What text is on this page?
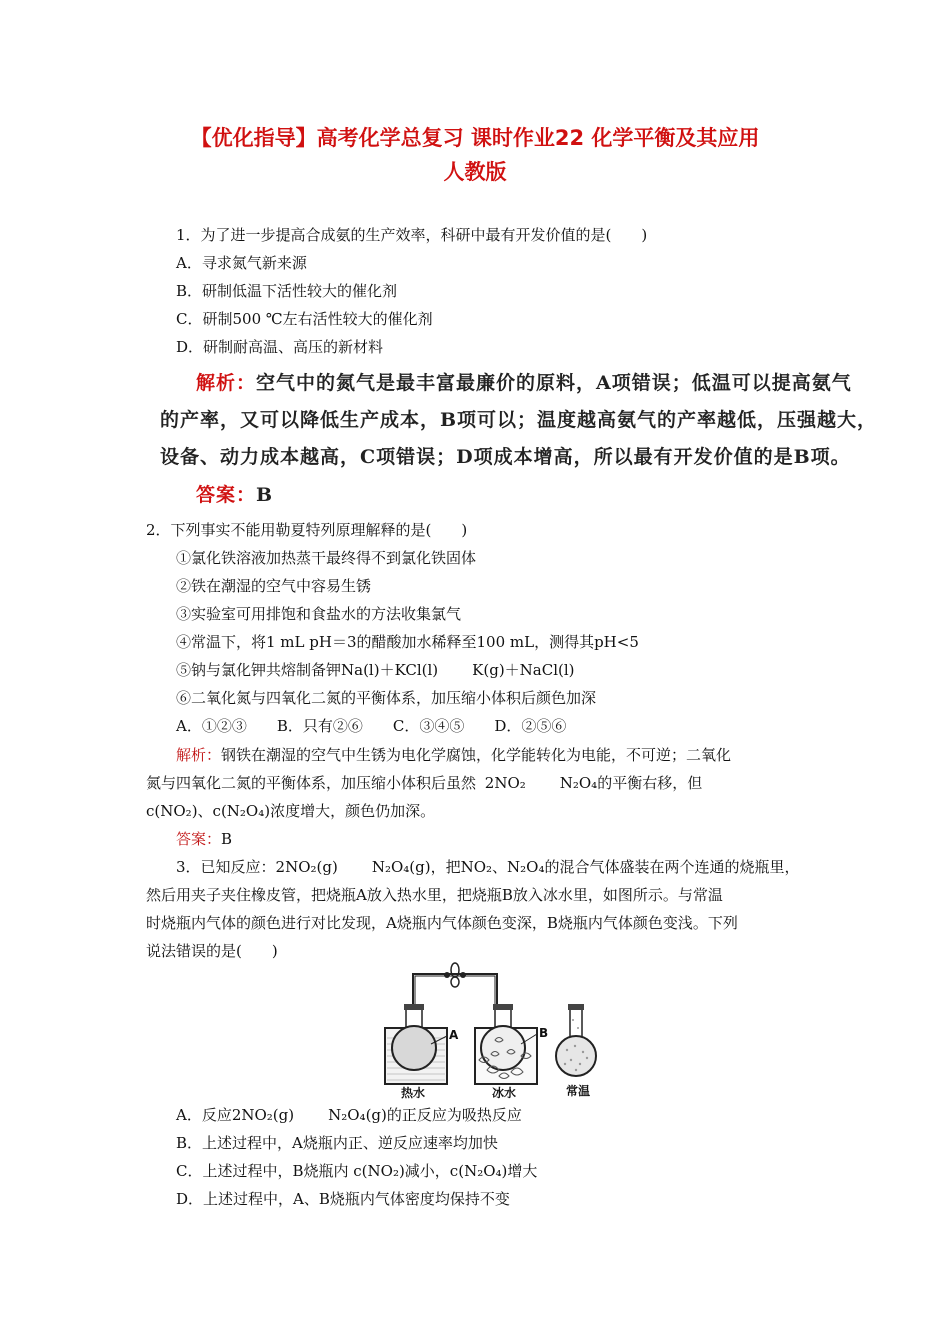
【优化指导】高考化学总复习 课时作业22 化学平衡及其应用
人教版
1．为了进一步提高合成氨的生产效率，科研中最有开发价值的是(　　)
A．寻求氮气新来源
B．研制低温下活性较大的催化剂
C．研制500 ℃左右活性较大的催化剂
D．研制耐高温、高压的新材料
解析：空气中的氮气是最丰富最廉价的原料，A项错误；低温可以提高氨气
的产率，又可以降低生产成本，B项可以；温度越高氨气的产率越低，压强越大，
设备、动力成本越高，C项错误；D项成本增高，所以最有开发价值的是B项。
答案：B
2．下列事实不能用勒夏特列原理解释的是(　　)
①氯化铁溶液加热蒸干最终得不到氯化铁固体
②铁在潮湿的空气中容易生锈
③实验室可用排饱和食盐水的方法收集氯气
④常温下，将1 mL pH＝3的醋酸加水稀释至100 mL，测得其pH<5
⑤钠与氯化钾共熔制备钾Na(l)＋KCl(l) K(g)＋NaCl(l)
⑥二氧化氮与四氧化二氮的平衡体系，加压缩小体积后颜色加深
A．①②③　　B．只有②⑥　　C．③④⑤　　D．②⑤⑥
解析：钢铁在潮湿的空气中生锈为电化学腐蚀，化学能转化为电能，不可逆；二氧化
氮与四氧化二氮的平衡体系，加压缩小体积后虽然 2NO₂ N₂O₄的平衡右移，但
c(NO₂)、c(N₂O₄)浓度增大，颜色仍加深。
答案：B
3．已知反应：2NO₂(g) N₂O₄(g)，把NO₂、N₂O₄的混合气体盛装在两个连通的烧瓶里，
然后用夹子夹住橡皮管，把烧瓶A放入热水里，把烧瓶B放入冰水里，如图所示。与常温
时烧瓶内气体的颜色进行对比发现，A烧瓶内气体颜色变深，B烧瓶内气体颜色变浅。下列
说法错误的是(　　)
A	B
热水	冰水	常温
A．反应2NO₂(g) N₂O₄(g)的正反应为吸热反应
B．上述过程中，A烧瓶内正、逆反应速率均加快
C．上述过程中，B烧瓶内 c(NO₂)减小，c(N₂O₄)增大
D．上述过程中，A、B烧瓶内气体密度均保持不变
